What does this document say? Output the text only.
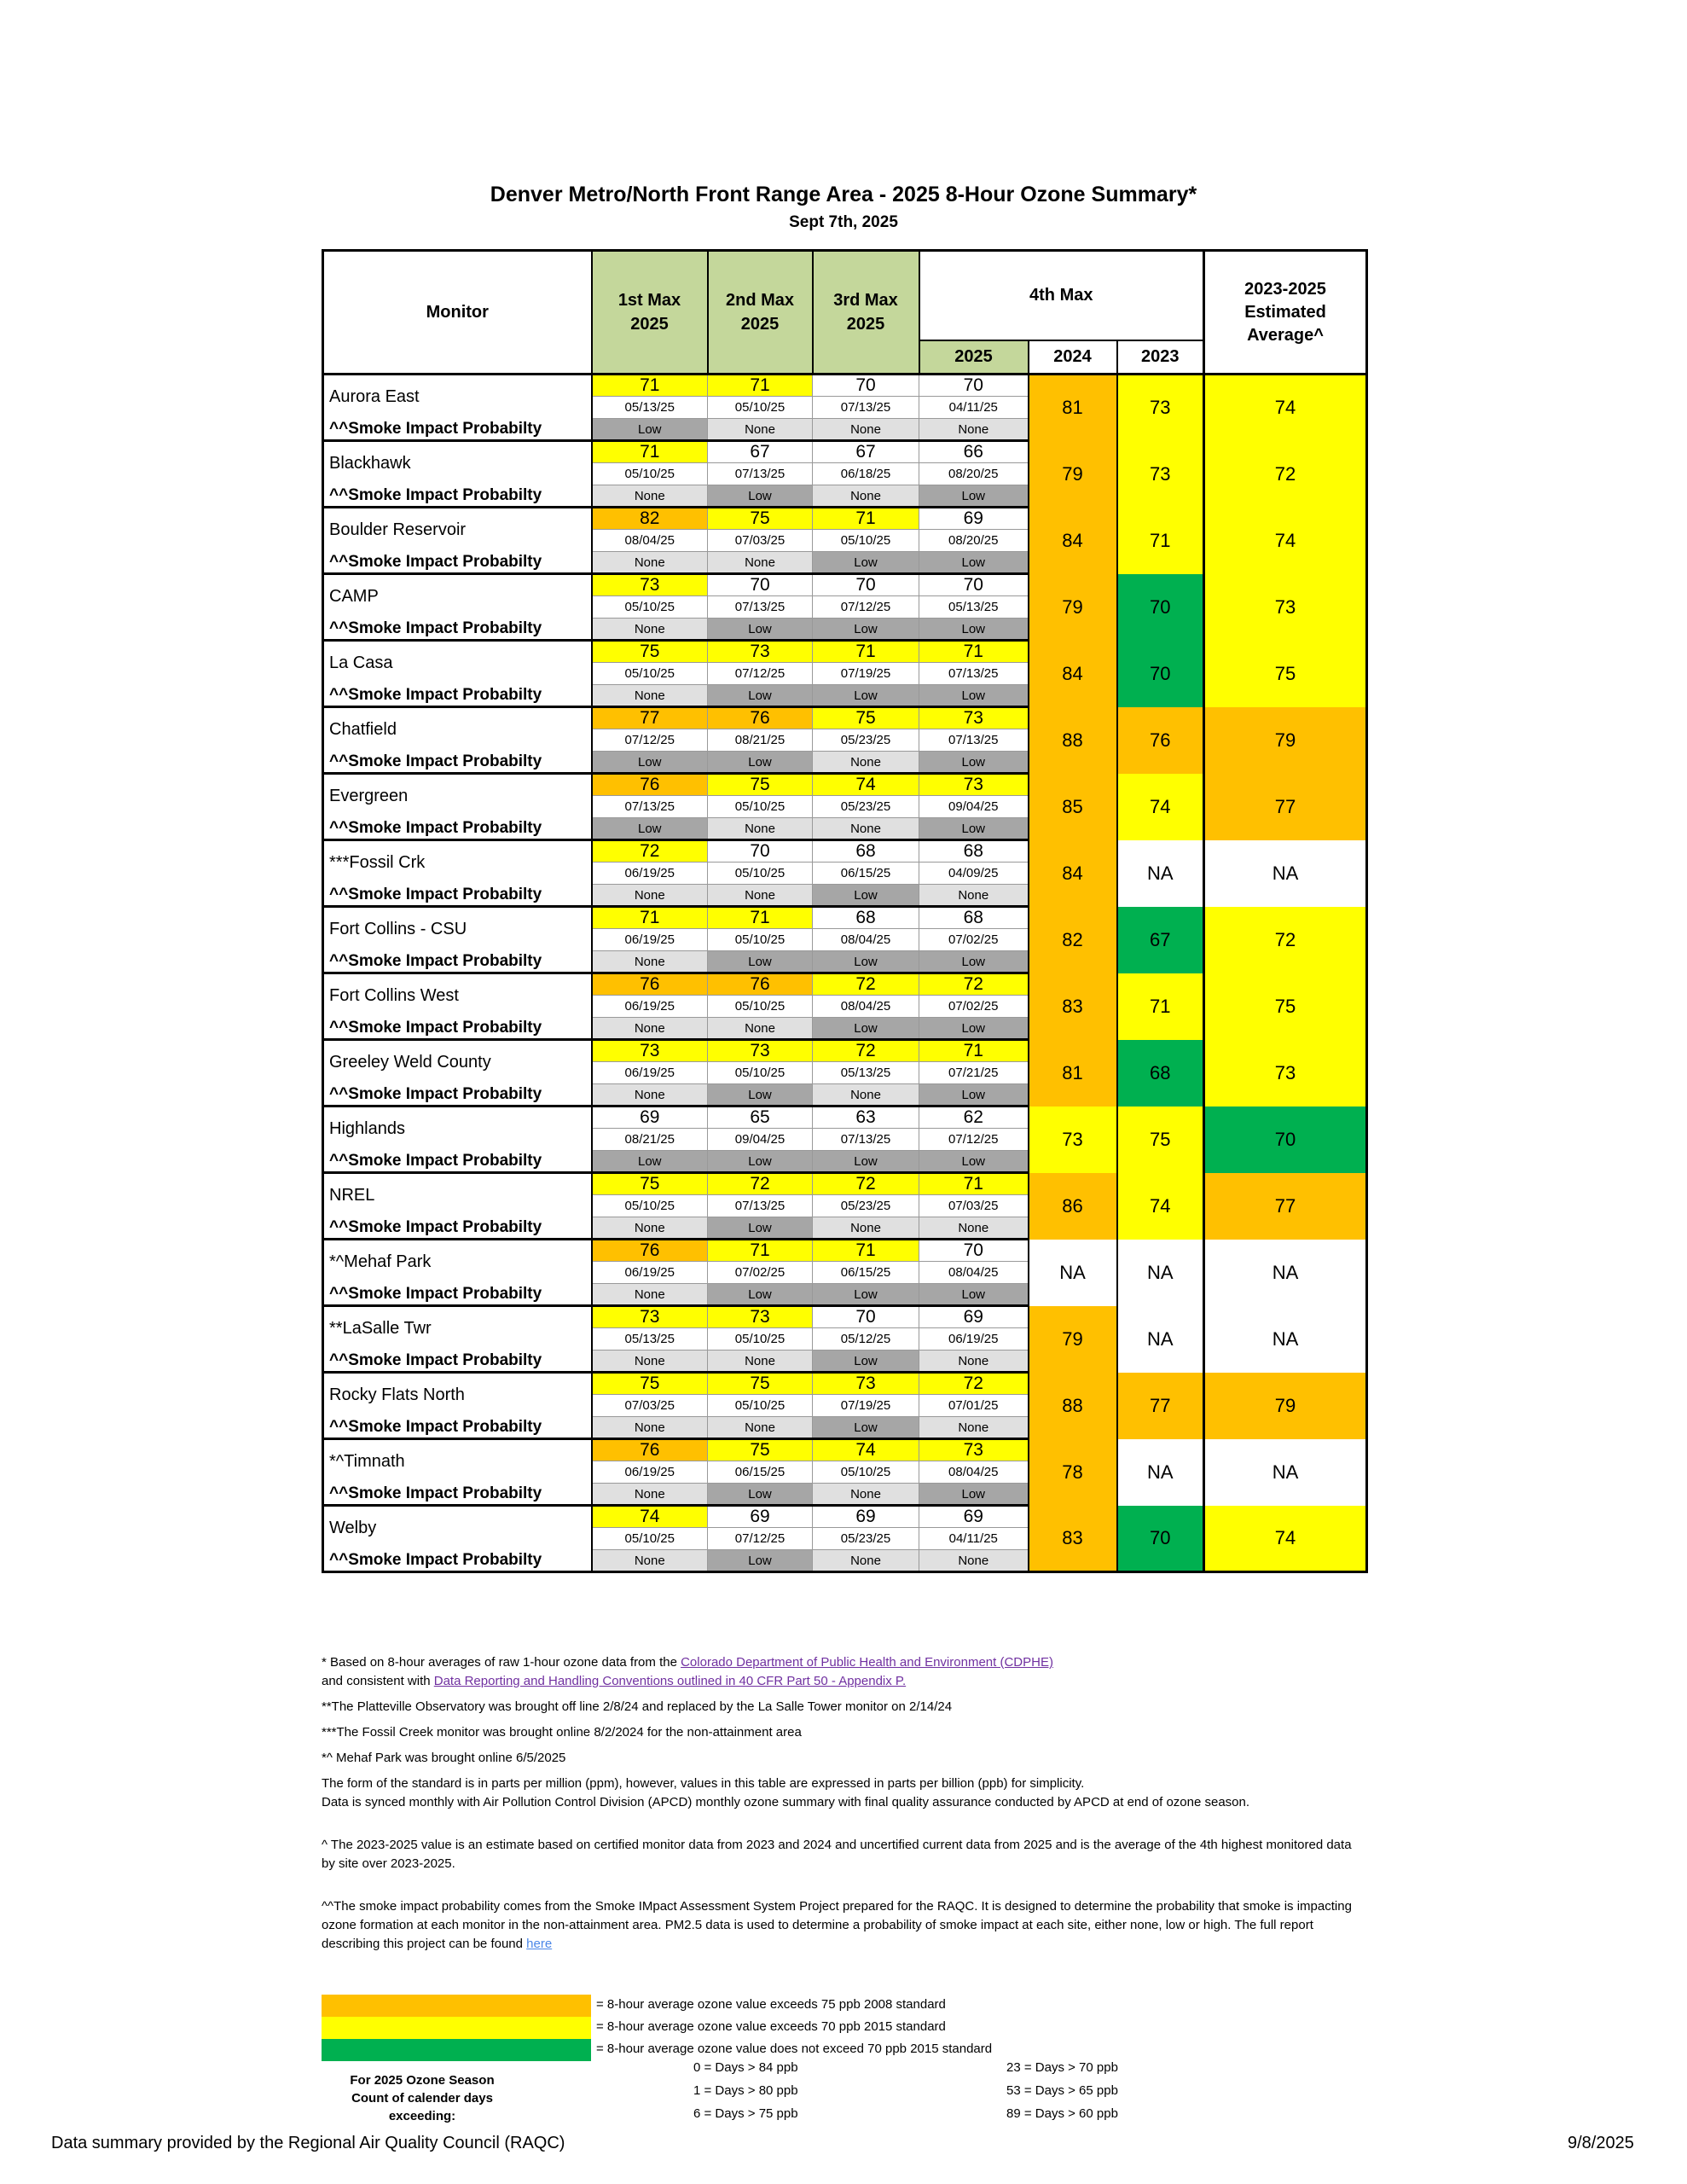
Denver Metro/North Front Range Area - 2025 8-Hour Ozone Summary*
Sept 7th, 2025
Monitor	1st Max 2025	2nd Max 2025	3rd Max 2025	4th Max			2023-2025 Estimated Average^
				2025	2024	2023	
Aurora East	71	71	70	70	81	73	74
	05/13/25	05/10/25	07/13/25	04/11/25			
^^Smoke Impact Probabilty	Low	None	None	None			
Blackhawk	71	67	67	66	79	73	72
	05/10/25	07/13/25	06/18/25	08/20/25			
^^Smoke Impact Probabilty	None	Low	None	Low			
Boulder Reservoir	82	75	71	69	84	71	74
	08/04/25	07/03/25	05/10/25	08/20/25			
^^Smoke Impact Probabilty	None	None	Low	Low			
CAMP	73	70	70	70	79	70	73
	05/10/25	07/13/25	07/12/25	05/13/25			
^^Smoke Impact Probabilty	None	Low	Low	Low			
La Casa	75	73	71	71	84	70	75
	05/10/25	07/12/25	07/19/25	07/13/25			
^^Smoke Impact Probabilty	None	Low	Low	Low			
Chatfield	77	76	75	73	88	76	79
	07/12/25	08/21/25	05/23/25	07/13/25			
^^Smoke Impact Probabilty	Low	Low	None	Low			
Evergreen	76	75	74	73	85	74	77
	07/13/25	05/10/25	05/23/25	09/04/25			
^^Smoke Impact Probabilty	Low	None	None	Low			
***Fossil Crk	72	70	68	68	84	NA	NA
	06/19/25	05/10/25	06/15/25	04/09/25			
^^Smoke Impact Probabilty	None	None	Low	None			
Fort Collins - CSU	71	71	68	68	82	67	72
	06/19/25	05/10/25	08/04/25	07/02/25			
^^Smoke Impact Probabilty	None	Low	Low	Low			
Fort Collins West	76	76	72	72	83	71	75
	06/19/25	05/10/25	08/04/25	07/02/25			
^^Smoke Impact Probabilty	None	None	Low	Low			
Greeley Weld County	73	73	72	71	81	68	73
	06/19/25	05/10/25	05/13/25	07/21/25			
^^Smoke Impact Probabilty	None	Low	None	Low			
Highlands	69	65	63	62	73	75	70
	08/21/25	09/04/25	07/13/25	07/12/25			
^^Smoke Impact Probabilty	Low	Low	Low	Low			
NREL	75	72	72	71	86	74	77
	05/10/25	07/13/25	05/23/25	07/03/25			
^^Smoke Impact Probabilty	None	Low	None	None			
*^Mehaf Park	76	71	71	70	NA	NA	NA
	06/19/25	07/02/25	06/15/25	08/04/25			
^^Smoke Impact Probabilty	None	Low	Low	Low			
**LaSalle Twr	73	73	70	69	79	NA	NA
	05/13/25	05/10/25	05/12/25	06/19/25			
^^Smoke Impact Probabilty	None	None	Low	None			
Rocky Flats North	75	75	73	72	88	77	79
	07/03/25	05/10/25	07/19/25	07/01/25			
^^Smoke Impact Probabilty	None	None	Low	None			
*^Timnath	76	75	74	73	78	NA	NA
	06/19/25	06/15/25	05/10/25	08/04/25			
^^Smoke Impact Probabilty	None	Low	None	Low			
Welby	74	69	69	69	83	70	74
	05/10/25	07/12/25	05/23/25	04/11/25			
^^Smoke Impact Probabilty	None	Low	None	None			

* Based on 8-hour averages of raw 1-hour ozone data from the Colorado Department of Public Health and Environment (CDPHE)

and consistent with Data Reporting and Handling Conventions outlined in 40 CFR Part 50 - Appendix P.

**The Platteville Observatory was brought off line 2/8/24 and replaced by the La Salle Tower monitor on 2/14/24

***The Fossil Creek monitor was brought online 8/2/2024 for the non-attainment area

*^ Mehaf Park was brought online 6/5/2025

The form of the standard is in parts per million (ppm), however, values in this table are expressed in parts per billion (ppb) for simplicity.

Data is synced monthly with Air Pollution Control Division (APCD) monthly ozone summary with final quality assurance conducted by APCD at end of ozone season.

^ The 2023-2025 value is an estimate based on certified monitor data from 2023 and 2024 and uncertified current data from 2025 and is the average of the 4th highest monitored data by site over 2023-2025.

^^The smoke impact probability comes from the Smoke IMpact Assessment System Project prepared for the RAQC. It is designed to determine the probability that smoke is impacting ozone formation at each monitor in the non-attainment area. PM2.5 data is used to determine a probability of smoke impact at each site, either none, low or high. The full report describing this project can be found here

= 8-hour average ozone value exceeds 75 ppb 2008 standard
= 8-hour average ozone value exceeds 70 ppb 2015 standard
= 8-hour average ozone value does not exceed 70 ppb 2015 standard
For 2025 Ozone Season Count of calender days exceeding:
0 = Days > 84 ppb
1 = Days > 80 ppb
6 = Days > 75 ppb
23 = Days > 70 ppb
53 = Days > 65 ppb
89 = Days > 60 ppb
Data summary provided by the Regional Air Quality Council (RAQC)	9/8/2025
